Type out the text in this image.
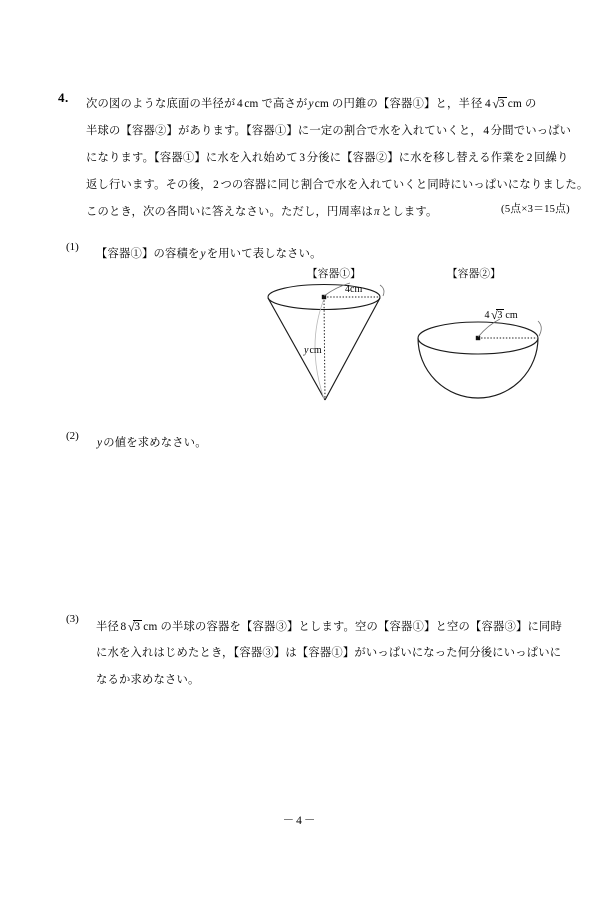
4. 次の図のような底面の半径が 4 cm で高さがycm の円錐の【容器①】と，半径 4 √3 cm の
半球の【容器②】があります。【容器①】に一定の割合で水を入れていくと， 4 分間でいっぱい
になります。【容器①】に水を入れ始めて 3 分後に【容器②】に水を移し替える作業を 2 回繰り
返し行います。その後， 2 つの容器に同じ割合で水を入れていくと同時にいっぱいになりました。
このとき，次の各問いに答えなさい。ただし，円周率はπとします。	(5点×3＝15点)
(1)
【容器①】の容積をyを用いて表しなさい。
【容器①】	【容器②】
4cm
ycm
4 √3 cm
(2)
yの値を求めなさい。
(3)
半径 8 √3 cm の半球の容器を【容器③】とします。空の【容器①】と空の【容器③】に同時
に水を入れはじめたとき，【容器③】は【容器①】がいっぱいになった何分後にいっぱいに
なるか求めなさい。
－4－
